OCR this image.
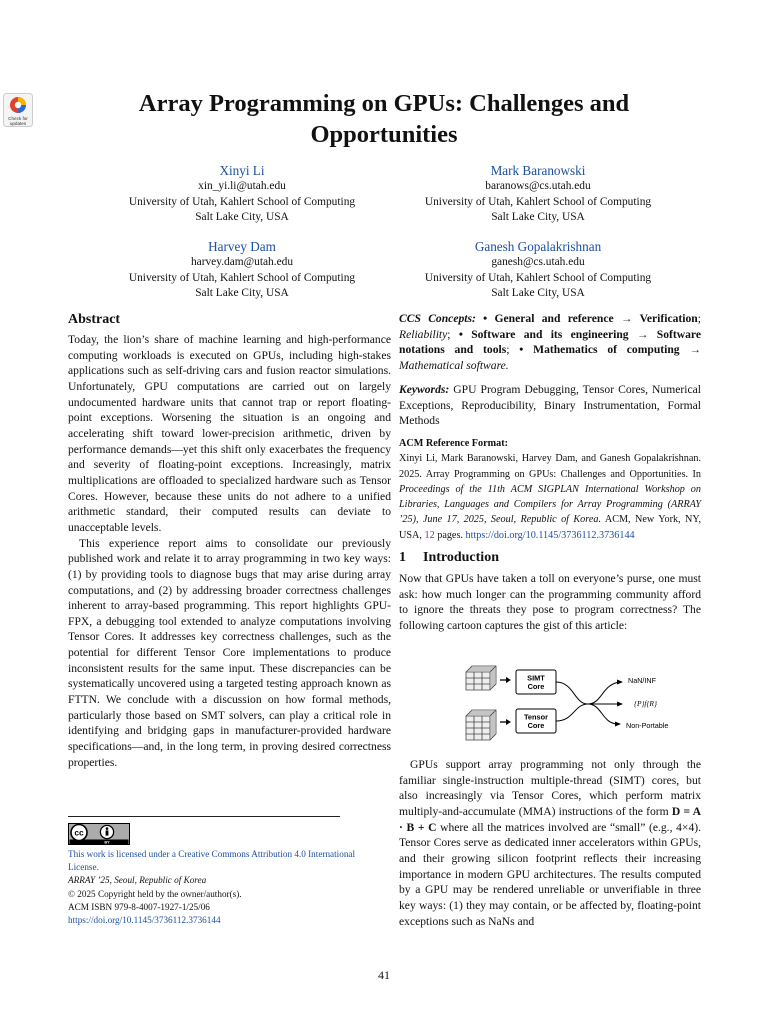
Check for updates
Array Programming on GPUs: Challenges and Opportunities
Xinyi Li
xin_yi.li@utah.edu
University of Utah, Kahlert School of Computing
Salt Lake City, USA
Mark Baranowski
baranows@cs.utah.edu
University of Utah, Kahlert School of Computing
Salt Lake City, USA
Harvey Dam
harvey.dam@utah.edu
University of Utah, Kahlert School of Computing
Salt Lake City, USA
Ganesh Gopalakrishnan
ganesh@cs.utah.edu
University of Utah, Kahlert School of Computing
Salt Lake City, USA
Abstract

Today, the lion’s share of machine learning and high-performance computing workloads is executed on GPUs, including high-stakes applications such as self-driving cars and fusion reactor simulations. Unfortunately, GPU computations are carried out on largely undocumented hardware units that cannot trap or report floating-point exceptions. Worsening the situation is an ongoing and accelerating shift toward lower-precision arithmetic, driven by performance demands—yet this shift only exacerbates the frequency and severity of floating-point exceptions. Increasingly, matrix multiplications are offloaded to specialized hardware such as Tensor Cores. However, because these units do not adhere to a unified arithmetic standard, their computed results can deviate to unacceptable levels.

This experience report aims to consolidate our previously published work and relate it to array programming in two key ways: (1) by providing tools to diagnose bugs that may arise during array computations, and (2) by addressing broader correctness challenges inherent to array-based programming. This report highlights GPU-FPX, a debugging tool extended to analyze computations involving Tensor Cores. It addresses key correctness challenges, such as the potential for different Tensor Core implementations to produce inconsistent results for the same input. These discrepancies can be systematically uncovered using a targeted testing approach known as FTTN. We conclude with a discussion on how formal methods, particularly those based on SMT solvers, can play a critical role in identifying and bridging gaps in manufacturer-provided hardware specifications—and, in the long term, in proving desired correctness properties.

cc
BY
This work is licensed under a Creative Commons Attribution 4.0 International License.
ARRAY ’25, Seoul, Republic of Korea
© 2025 Copyright held by the owner/author(s).
ACM ISBN 979-8-4007-1927-1/25/06
https://doi.org/10.1145/3736112.3736144
CCS Concepts: • General and reference → Verification; Reliability; • Software and its engineering → Software notations and tools; • Mathematics of computing → Mathematical software.
Keywords: GPU Program Debugging, Tensor Cores, Numerical Exceptions, Reproducibility, Binary Instrumentation, Formal Methods
ACM Reference Format:
Xinyi Li, Mark Baranowski, Harvey Dam, and Ganesh Gopalakrishnan. 2025. Array Programming on GPUs: Challenges and Opportunities. In Proceedings of the 11th ACM SIGPLAN International Workshop on Libraries, Languages and Compilers for Array Programming (ARRAY ’25), June 17, 2025, Seoul, Republic of Korea. ACM, New York, NY, USA, 12 pages. https://doi.org/10.1145/3736112.3736144
1 Introduction

Now that GPUs have taken a toll on everyone’s purse, one must ask: how much longer can the programming community afford to ignore the threats they pose to program correctness? The following cartoon captures the gist of this article:

SIMT
Core
Tensor
Core
NaN/INF
{P}f{R}
Non-Portable

GPUs support array programming not only through the familiar single-instruction multiple-thread (SIMT) cores, but also increasingly via Tensor Cores, which perform matrix multiply-and-accumulate (MMA) instructions of the form D = A · B + C where all the matrices involved are “small” (e.g., 4×4). Tensor Cores serve as dedicated inner accelerators within GPUs, and their growing silicon footprint reflects their increasing importance in modern GPU architectures. The results computed by a GPU may be rendered unreliable or unverifiable in three key ways: (1) they may contain, or be affected by, floating-point exceptions such as NaNs and

41
